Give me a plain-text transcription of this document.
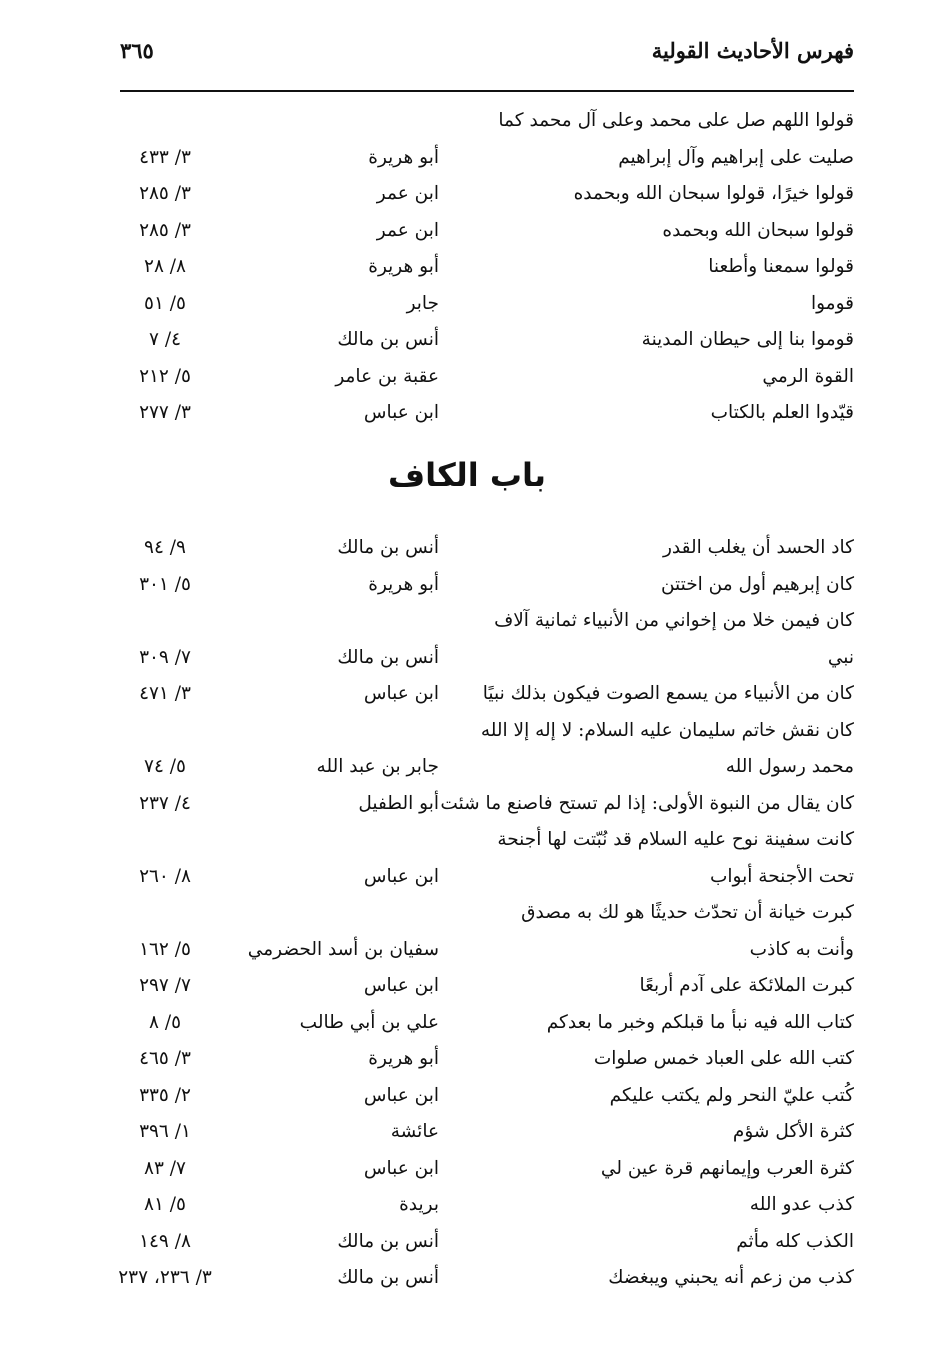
فهرس الأحاديث القولية
٣٦٥
قولوا اللهم صل على محمد وعلى آل محمد كما
صليت على إبراهيم وآل إبراهيم
أبو هريرة
٣/ ٤٣٣
قولوا خيرًا، قولوا سبحان الله وبحمده
ابن عمر
٣/ ٢٨٥
قولوا سبحان الله وبحمده
ابن عمر
٣/ ٢٨٥
قولوا سمعنا وأطعنا
أبو هريرة
٨/ ٢٨
قوموا
جابر
٥/ ٥١
قوموا بنا إلى حيطان المدينة
أنس بن مالك
٤/ ٧
القوة الرمي
عقبة بن عامر
٥/ ٢١٢
قيّدوا العلم بالكتاب
ابن عباس
٣/ ٢٧٧
باب الكاف
كاد الحسد أن يغلب القدر
أنس بن مالك
٩/ ٩٤
كان إبرهيم أول من اختتن
أبو هريرة
٥/ ٣٠١
كان فيمن خلا من إخواني من الأنبياء ثمانية آلاف
نبي
أنس بن مالك
٧/ ٣٠٩
كان من الأنبياء من يسمع الصوت فيكون بذلك نبيًا
ابن عباس
٣/ ٤٧١
كان نقش خاتم سليمان عليه السلام: لا إله إلا الله
محمد رسول الله
جابر بن عبد الله
٥/ ٧٤
كان يقال من النبوة الأولى: إذا لم تستح فاصنع ما شئت
أبو الطفيل
٤/ ٢٣٧
كانت سفينة نوح عليه السلام قد نُبّتت لها أجنحة
تحت الأجنحة أبواب
ابن عباس
٨/ ٢٦٠
كبرت خيانة أن تحدّث حديثًا هو لك به مصدق
وأنت به كاذب
سفيان بن أسد الحضرمي
٥/ ١٦٢
كبرت الملائكة على آدم أربعًا
ابن عباس
٧/ ٢٩٧
كتاب الله فيه نبأ ما قبلكم وخبر ما بعدكم
علي بن أبي طالب
٥/ ٨
كتب الله على العباد خمس صلوات
أبو هريرة
٣/ ٤٦٥
كُتب عليّ النحر ولم يكتب عليكم
ابن عباس
٢/ ٣٣٥
كثرة الأكل شؤم
عائشة
١/ ٣٩٦
كثرة العرب وإيمانهم قرة عين لي
ابن عباس
٧/ ٨٣
كذب عدو الله
بريدة
٥/ ٨١
الكذب كله مأثم
أنس بن مالك
٨/ ١٤٩
كذب من زعم أنه يحبني ويبغضك
أنس بن مالك
٣/ ٢٣٦، ٢٣٧
